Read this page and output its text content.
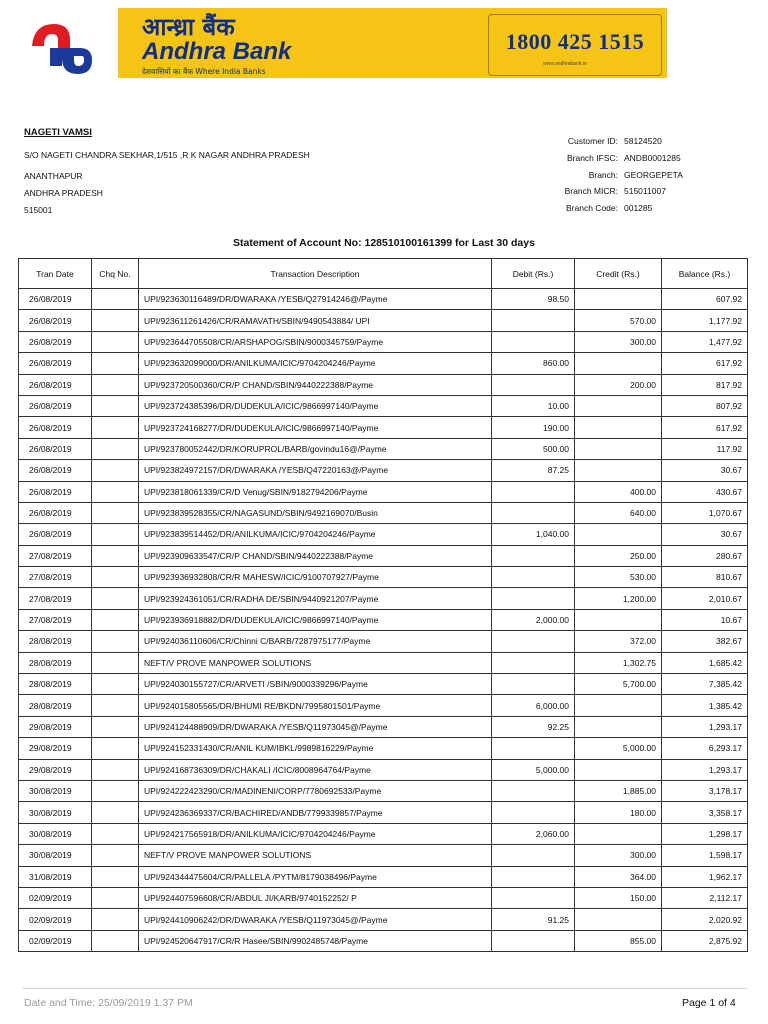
आन्ध्रा बैंक
Andhra Bank
देशवासियों का बैंक Where India Banks
1800 425 1515
www.andhrabank.in
NAGETI VAMSI
S/O NAGETI CHANDRA SEKHAR,1/515 ,R K NAGAR ANDHRA PRADESH
ANANTHAPUR
ANDHRA PRADESH
515001
Customer ID: 58124520
Branch IFSC: ANDB0001285
Branch: GEORGEPETA
Branch MICR: 515011007
Branch Code: 001285
Statement of Account No: 128510100161399 for Last 30 days
Tran Date	Chq No.	Transaction Description	Debit (Rs.)	Credit (Rs.)	Balance (Rs.)
26/08/2019		UPI/923630116489/DR/DWARAKA /YESB/Q27914246@/Payme	98.50		607.92
26/08/2019		UPI/923611261426/CR/RAMAVATH/SBIN/9490543884/ UPI		570.00	1,177.92
26/08/2019		UPI/923644705508/CR/ARSHAPOG/SBIN/9000345759/Payme		300.00	1,477.92
26/08/2019		UPI/923632099000/DR/ANILKUMA/ICIC/9704204246/Payme	860.00		617.92
26/08/2019		UPI/923720500360/CR/P CHAND/SBIN/9440222388/Payme		200.00	817.92
26/08/2019		UPI/923724385396/DR/DUDEKULA/ICIC/9866997140/Payme	10.00		807.92
26/08/2019		UPI/923724168277/DR/DUDEKULA/ICIC/9866997140/Payme	190.00		617.92
26/08/2019		UPI/923780052442/DR/KORUPROL/BARB/govindu16@/Payme	500.00		117.92
26/08/2019		UPI/923824972157/DR/DWARAKA /YESB/Q47220163@/Payme	87.25		30.67
26/08/2019		UPI/923818061339/CR/D Venug/SBIN/9182794206/Payme		400.00	430.67
26/08/2019		UPI/923839528355/CR/NAGASUND/SBIN/9492169070/Busin		640.00	1,070.67
26/08/2019		UPI/923839514452/DR/ANILKUMA/ICIC/9704204246/Payme	1,040.00		30.67
27/08/2019		UPI/923909633547/CR/P CHAND/SBIN/9440222388/Payme		250.00	280.67
27/08/2019		UPI/923936932808/CR/R MAHESW/ICIC/9100707927/Payme		530.00	810.67
27/08/2019		UPI/923924361051/CR/RADHA DE/SBIN/9440921207/Payme		1,200.00	2,010.67
27/08/2019		UPI/923936918882/DR/DUDEKULA/ICIC/9866997140/Payme	2,000.00		10.67
28/08/2019		UPI/924036110606/CR/Chinni C/BARB/7287975177/Payme		372.00	382.67
28/08/2019		NEFT/V PROVE MANPOWER SOLUTIONS		1,302.75	1,685.42
28/08/2019		UPI/924030155727/CR/ARVETI /SBIN/9000339296/Payme		5,700.00	7,385.42
28/08/2019		UPI/924015805565/DR/BHUMI RE/BKDN/7995801501/Payme	6,000.00		1,385.42
29/08/2019		UPI/924124488909/DR/DWARAKA /YESB/Q11973045@/Payme	92.25		1,293.17
29/08/2019		UPI/924152331430/CR/ANIL KUM/IBKL/9989816229/Payme		5,000.00	6,293.17
29/08/2019		UPI/924168736309/DR/CHAKALI /ICIC/8008964764/Payme	5,000.00		1,293.17
30/08/2019		UPI/924222423290/CR/MADINENI/CORP/7780692533/Payme		1,885.00	3,178.17
30/08/2019		UPI/924236369337/CR/BACHIRED/ANDB/7799339857/Payme		180.00	3,358.17
30/08/2019		UPI/924217565918/DR/ANILKUMA/ICIC/9704204246/Payme	2,060.00		1,298.17
30/08/2019		NEFT/V PROVE MANPOWER SOLUTIONS		300.00	1,598.17
31/08/2019		UPI/924344475604/CR/PALLELA /PYTM/8179038496/Payme		364.00	1,962.17
02/09/2019		UPI/924407596608/CR/ABDUL JI/KARB/9740152252/ P		150.00	2,112.17
02/09/2019		UPI/924410906242/DR/DWARAKA /YESB/Q11973045@/Payme	91.25		2,020.92
02/09/2019		UPI/924520647917/CR/R Hasee/SBIN/9902485748/Payme		855.00	2,875.92
Date and Time: 25/09/2019 1.37 PM	Page 1 of 4
